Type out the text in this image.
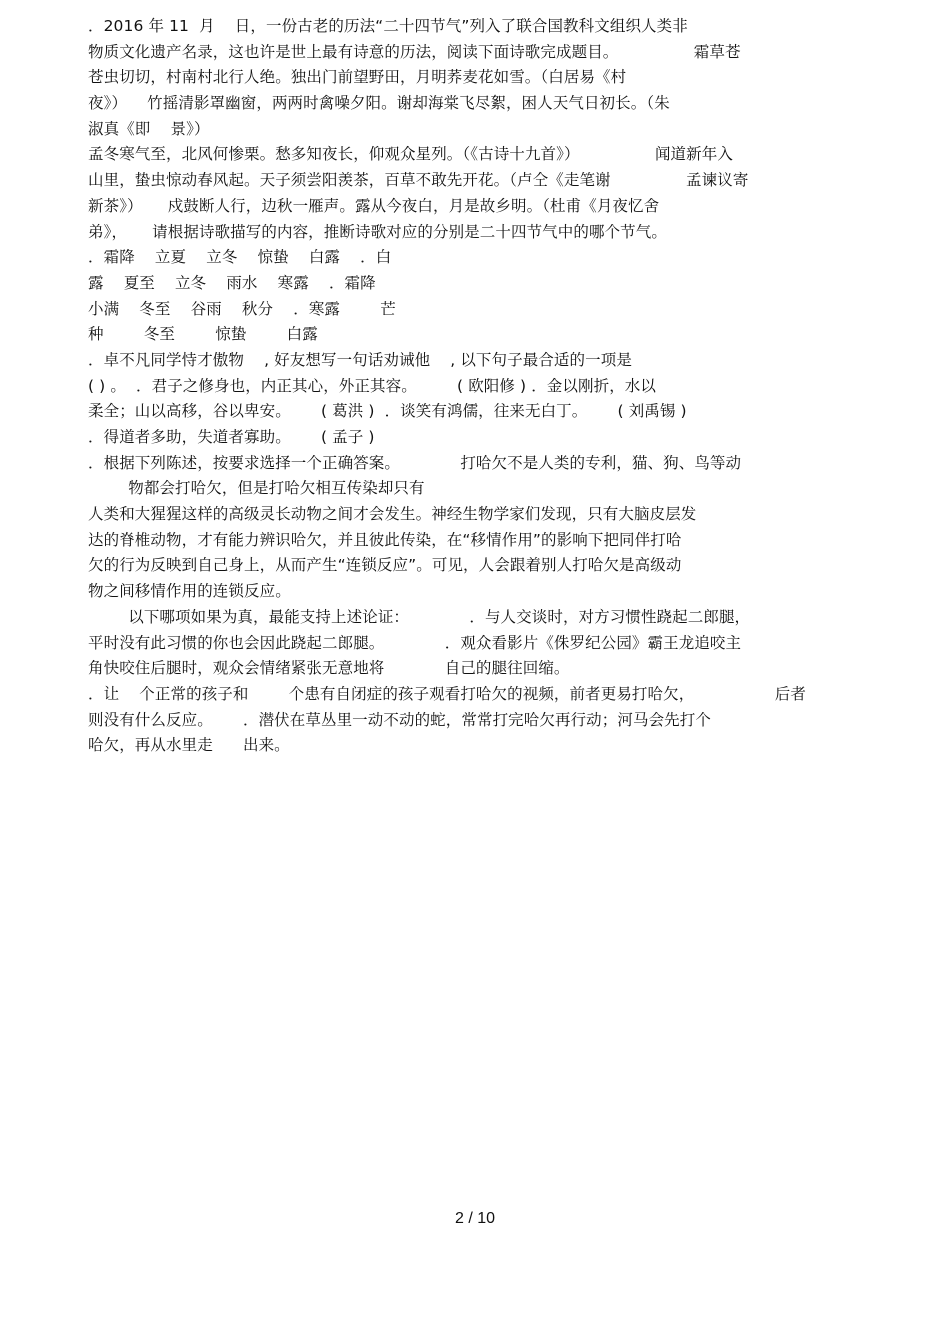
．2016 年 11  月    日，一份古老的历法“二十四节气”列入了联合国教科文组织人类非
物质文化遗产名录，这也许是世上最有诗意的历法，阅读下面诗歌完成题目。               霜草苍
苍虫切切，村南村北行人绝。独出门前望野田，月明荞麦花如雪。（白居易《村
夜》）    竹摇清影罩幽窗，两两时禽噪夕阳。谢却海棠飞尽絮，困人天气日初长。（朱
淑真《即    景》）
孟冬寒气至，北风何惨栗。愁多知夜长，仰观众星列。（《古诗十九首》）               闻道新年入
山里，蛰虫惊动春风起。天子须尝阳羡茶，百草不敢先开花。（卢仝《走笔谢               孟谏议寄
新茶》）     戍鼓断人行，边秋一雁声。露从今夜白，月是故乡明。（杜甫《月夜忆舍
弟》，     请根据诗歌描写的内容，推断诗歌对应的分别是二十四节气中的哪个节气。
．霜降    立夏    立冬    惊蛰    白露    ．白
露    夏至    立冬    雨水    寒露    ．霜降
小满    冬至    谷雨    秋分    ．寒露        芒
种        冬至        惊蛰        白露
．卓不凡同学恃才傲物    , 好友想写一句话劝诫他    , 以下句子最合适的一项是
( ) 。  ．君子之修身也，内正其心，外正其容。        ( 欧阳修 ) ．金以刚折，水以
柔全；山以高移，谷以卑安。      ( 葛洪 )  ．谈笑有鸿儒，往来无白丁。      ( 刘禹锡 )
．得道者多助，失道者寡助。      ( 孟子 )
．根据下列陈述，按要求选择一个正确答案。            打哈欠不是人类的专利，猫、狗、鸟等动
物都会打哈欠，但是打哈欠相互传染却只有
人类和大猩猩这样的高级灵长动物之间才会发生。神经生物学家们发现，只有大脑皮层发
达的脊椎动物，才有能力辨识哈欠，并且彼此传染，在“移情作用”的影响下把同伴打哈
欠的行为反映到自己身上，从而产生“连锁反应”。可见，人会跟着别人打哈欠是高级动
物之间移情作用的连锁反应。
以下哪项如果为真，最能支持上述论证：            ．与人交谈时，对方习惯性跷起二郎腿，
平时没有此习惯的你也会因此跷起二郎腿。            ．观众看影片《侏罗纪公园》霸王龙追咬主
角快咬住后腿时，观众会情绪紧张无意地将            自己的腿往回缩。
．让    个正常的孩子和        个患有自闭症的孩子观看打哈欠的视频，前者更易打哈欠，                后者
则没有什么反应。      ．潜伏在草丛里一动不动的蛇，常常打完哈欠再行动；河马会先打个
哈欠，再从水里走      出来。
2 / 10
